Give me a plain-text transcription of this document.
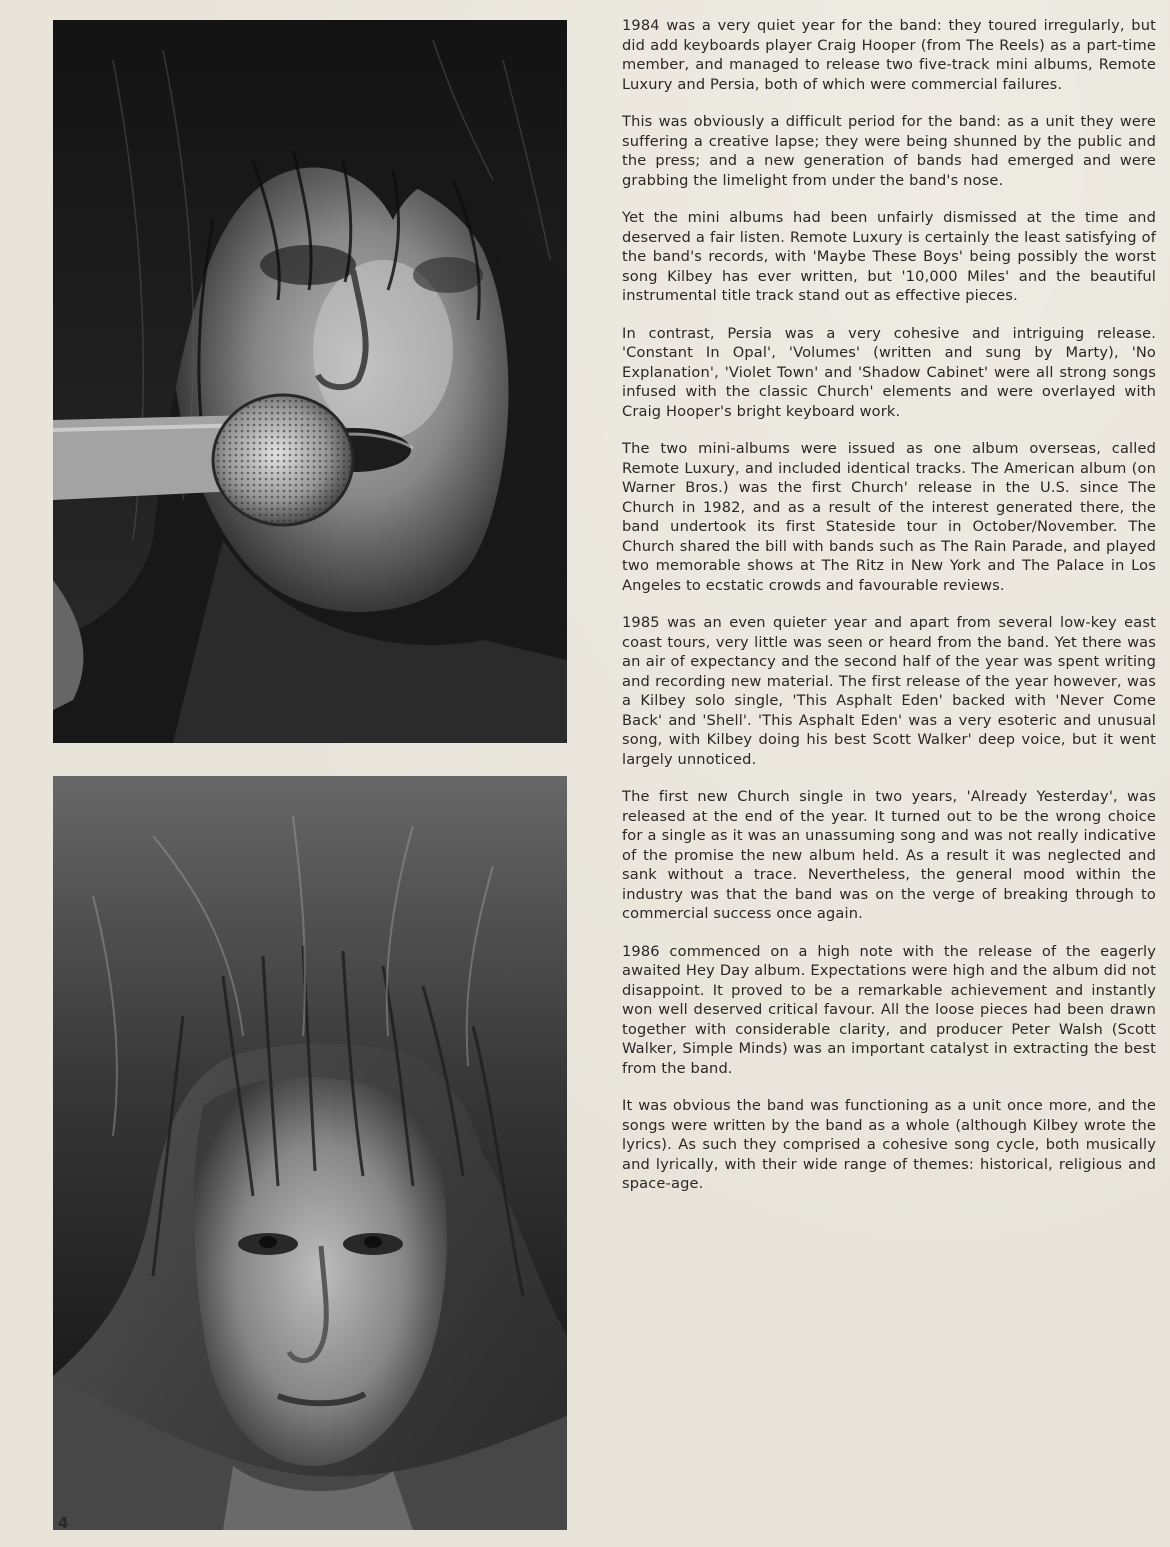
1984 was a very quiet year for the band: they toured irregularly, but did add keyboards player Craig Hooper (from The Reels) as a part-time member, and managed to release two five-track mini albums, Remote Luxury and Persia, both of which were commercial failures.

This was obviously a difficult period for the band: as a unit they were suffering a creative lapse; they were being shunned by the public and the press; and a new generation of bands had emerged and were grabbing the limelight from under the band's nose.

Yet the mini albums had been unfairly dismissed at the time and deserved a fair listen. Remote Luxury is certainly the least satisfying of the band's records, with 'Maybe These Boys' being possibly the worst song Kilbey has ever written, but '10,000 Miles' and the beautiful instrumental title track stand out as effective pieces.

In contrast, Persia was a very cohesive and intriguing release. 'Constant In Opal', 'Volumes' (written and sung by Marty), 'No Explanation', 'Violet Town' and 'Shadow Cabinet' were all strong songs infused with the classic Church' elements and were overlayed with Craig Hooper's bright keyboard work.

The two mini-albums were issued as one album overseas, called Remote Luxury, and included identical tracks. The American album (on Warner Bros.) was the first Church' release in the U.S. since The Church in 1982, and as a result of the interest generated there, the band undertook its first Stateside tour in October/November. The Church shared the bill with bands such as The Rain Parade, and played two memorable shows at The Ritz in New York and The Palace in Los Angeles to ecstatic crowds and favourable reviews.

1985 was an even quieter year and apart from several low-key east coast tours, very little was seen or heard from the band. Yet there was an air of expectancy and the second half of the year was spent writing and recording new material. The first release of the year however, was a Kilbey solo single, 'This Asphalt Eden' backed with 'Never Come Back' and 'Shell'. 'This Asphalt Eden' was a very esoteric and unusual song, with Kilbey doing his best Scott Walker' deep voice, but it went largely unnoticed.

The first new Church single in two years, 'Already Yesterday', was released at the end of the year. It turned out to be the wrong choice for a single as it was an unassuming song and was not really indicative of the promise the new album held. As a result it was neglected and sank without a trace. Nevertheless, the general mood within the industry was that the band was on the verge of breaking through to commercial success once again.

1986 commenced on a high note with the release of the eagerly awaited Hey Day album. Expectations were high and the album did not disappoint. It proved to be a remarkable achievement and instantly won well deserved critical favour. All the loose pieces had been drawn together with considerable clarity, and producer Peter Walsh (Scott Walker, Simple Minds) was an important catalyst in extracting the best from the band.

It was obvious the band was functioning as a unit once more, and the songs were written by the band as a whole (although Kilbey wrote the lyrics). As such they comprised a cohesive song cycle, both musically and lyrically, with their wide range of themes: historical, religious and space-age.

4
